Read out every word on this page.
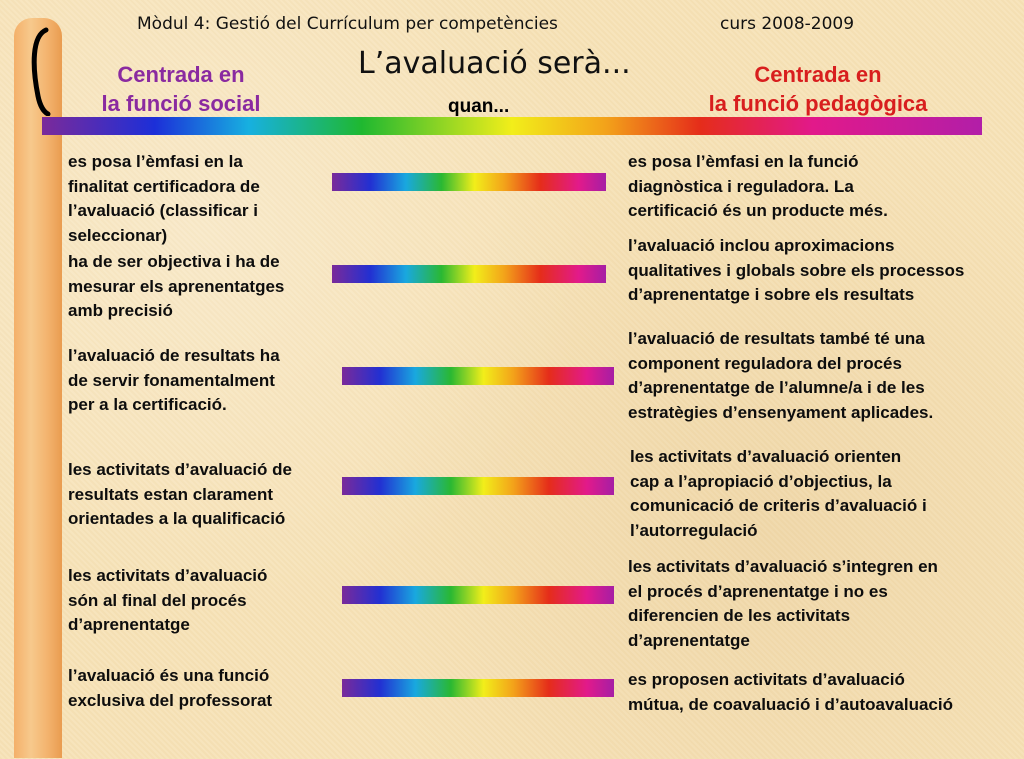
Mòdul 4: Gestió del Currículum per competències	curs 2008-2009
L’avaluació serà...
Centrada en
la funció social
Centrada en
la funció pedagògica
quan...
es posa l’èmfasi en la
finalitat certificadora de
l’avaluació (classificar i
seleccionar)
es posa l’èmfasi en la funció
diagnòstica i reguladora. La
certificació és un producte més.
ha de ser objectiva i ha de
mesurar els aprenentatges
amb precisió
l’avaluació inclou aproximacions
qualitatives i globals sobre els processos
d’aprenentatge i sobre els resultats
l’avaluació de resultats ha
de servir fonamentalment
per a la certificació.
l’avaluació de resultats també té una
component reguladora del procés
d’aprenentatge de l’alumne/a i de les
estratègies d’ensenyament aplicades.
les activitats d’avaluació de
resultats estan clarament
orientades a la qualificació
les activitats d’avaluació orienten
cap a l’apropiació d’objectius, la
comunicació de criteris d’avaluació i
l’autorregulació
les activitats d’avaluació
són al final del procés
d’aprenentatge
les activitats d’avaluació s’integren en
el procés d’aprenentatge i no es
diferencien de les activitats
d’aprenentatge
l’avaluació és una funció
exclusiva del professorat
es proposen activitats d’avaluació
mútua, de coavaluació i d’autoavaluació
